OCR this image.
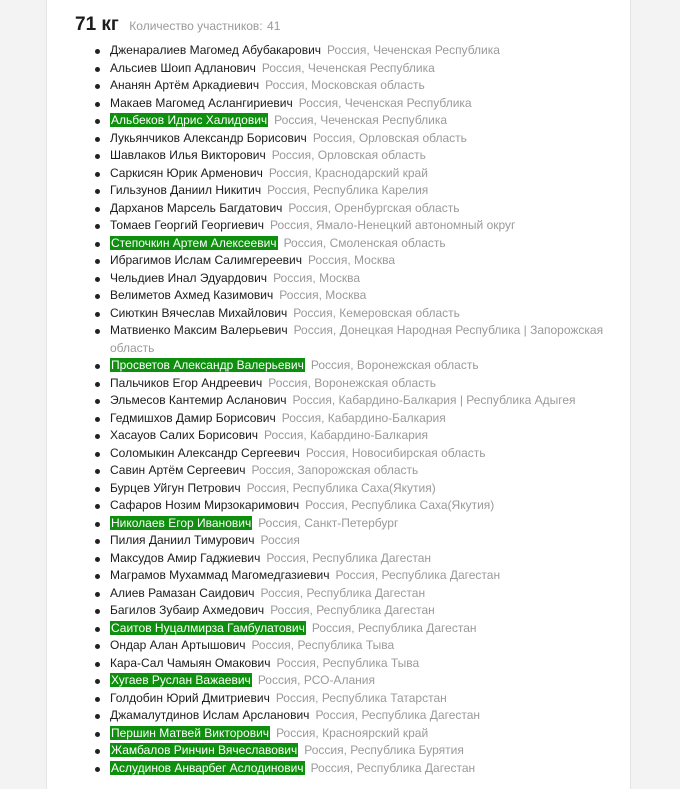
71 кг Количество участников: 41
Дженаралиев Магомед Абубакарович Россия, Чеченская Республика
Альсиев Шоип Адланович Россия, Чеченская Республика
Ананян Артём Аркадиевич Россия, Московская область
Макаев Магомед Аслангириевич Россия, Чеченская Республика
Альбеков Идрис Халидович Россия, Чеченская Республика
Лукьянчиков Александр Борисович Россия, Орловская область
Шавлаков Илья Викторович Россия, Орловская область
Саркисян Юрик Арменович Россия, Краснодарский край
Гильзунов Даниил Никитич Россия, Республика Карелия
Дарханов Марсель Багдатович Россия, Оренбургская область
Томаев Георгий Георгиевич Россия, Ямало-Ненецкий автономный округ
Степочкин Артем Алексеевич Россия, Смоленская область
Ибрагимов Ислам Салимгереевич Россия, Москва
Чельдиев Инал Эдуардович Россия, Москва
Велиметов Ахмед Казимович Россия, Москва
Сиюткин Вячеслав Михайлович Россия, Кемеровская область
Матвиенко Максим Валерьевич Россия, Донецкая Народная Республика | Запорожская область
Просветов Александр Валерьевич Россия, Воронежская область
Пальчиков Егор Андреевич Россия, Воронежская область
Эльмесов Кантемир Асланович Россия, Кабардино-Балкария | Республика Адыгея
Гедмишхов Дамир Борисович Россия, Кабардино-Балкария
Хасауов Салих Борисович Россия, Кабардино-Балкария
Соломыкин Александр Сергеевич Россия, Новосибирская область
Савин Артём Сергеевич Россия, Запорожская область
Бурцев Уйгун Петрович Россия, Республика Саха(Якутия)
Сафаров Нозим Мирзокаримович Россия, Республика Саха(Якутия)
Николаев Егор Иванович Россия, Санкт-Петербург
Пилия Даниил Тимурович Россия
Максудов Амир Гаджиевич Россия, Республика Дагестан
Маграмов Мухаммад Магомедгазиевич Россия, Республика Дагестан
Алиев Рамазан Саидович Россия, Республика Дагестан
Багилов Зубаир Ахмедович Россия, Республика Дагестан
Саитов Нуцалмирза Гамбулатович Россия, Республика Дагестан
Ондар Алан Артышович Россия, Республика Тыва
Кара-Сал Чамыян Омакович Россия, Республика Тыва
Хугаев Руслан Важаевич Россия, РСО-Алания
Голдобин Юрий Дмитриевич Россия, Республика Татарстан
Джамалутдинов Ислам Арсланович Россия, Республика Дагестан
Першин Матвей Викторович Россия, Красноярский край
Жамбалов Ринчин Вячеславович Россия, Республика Бурятия
Аслудинов Анварбег Аслодинович Россия, Республика Дагестан
